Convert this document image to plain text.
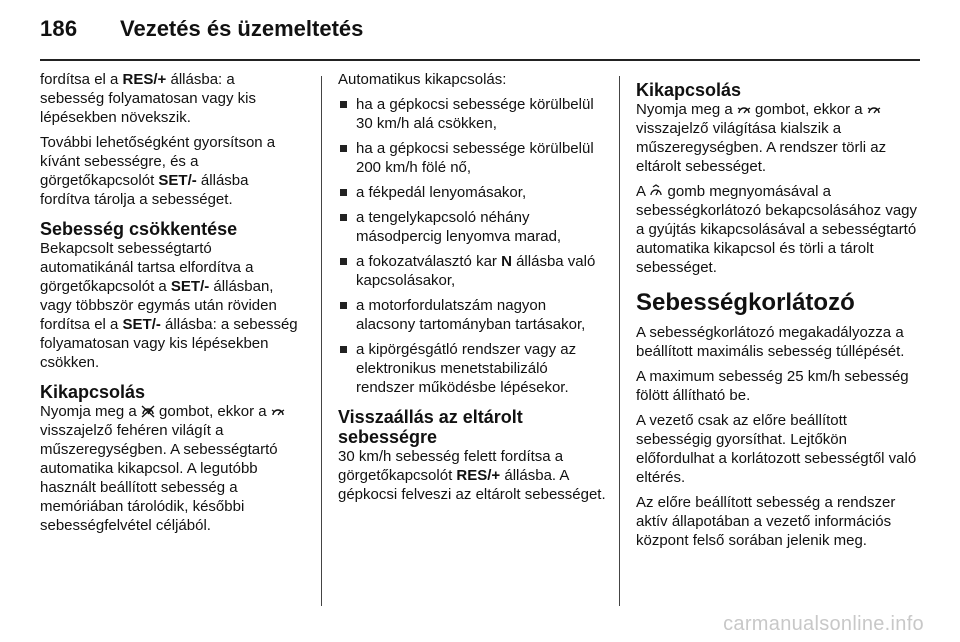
186 Vezetés és üzemeltetés

fordítsa el a RES/+ állásba: a sebesség folyamatosan vagy kis lépésekben növekszik.

További lehetőségként gyorsítson a kívánt sebességre, és a görgetőkapcsolót SET/- állásba fordítva tárolja a sebességet.

Sebesség csökkentése

Bekapcsolt sebességtartó automatikánál tartsa elfordítva a görgetőkapcsolót a SET/- állásban, vagy többször egymás után röviden fordítsa el a SET/- állásba: a sebesség folyamatosan vagy kis lépésekben csökken.

Kikapcsolás

Nyomja meg a  gombot, ekkor a  visszajelző fehéren világít a műszeregységben. A sebességtartó automatika kikapcsol. A legutóbb használt beállított sebesség a memóriában tárolódik, későbbi sebességfelvétel céljából.

Automatikus kikapcsolás:

ha a gépkocsi sebessége körülbelül 30 km/h alá csökken,
ha a gépkocsi sebessége körülbelül 200 km/h fölé nő,
a fékpedál lenyomásakor,
a tengelykapcsoló néhány másodpercig lenyomva marad,
a fokozatválasztó kar N állásba való kapcsolásakor,
a motorfordulatszám nagyon alacsony tartományban tartásakor,
a kipörgésgátló rendszer vagy az elektronikus menetstabilizáló rendszer működésbe lépésekor.
Visszaállás az eltárolt sebességre

30 km/h sebesség felett fordítsa a görgetőkapcsolót RES/+ állásba. A gépkocsi felveszi az eltárolt sebességet.

Kikapcsolás

Nyomja meg a  gombot, ekkor a  visszajelző világítása kialszik a műszeregységben. A rendszer törli az eltárolt sebességet.

A  gomb megnyomásával a sebességkorlátozó bekapcsolásához vagy a gyújtás kikapcsolásával a sebességtartó automatika kikapcsol és törli a tárolt sebességet.

Sebességkorlátozó

A sebességkorlátozó megakadályozza a beállított maximális sebesség túllépését.

A maximum sebesség 25 km/h sebesség fölött állítható be.

A vezető csak az előre beállított sebességig gyorsíthat. Lejtőkön előfordulhat a korlátozott sebességtől való eltérés.

Az előre beállított sebesség a rendszer aktív állapotában a vezető információs központ felső sorában jelenik meg.

carmanualsonline.info
